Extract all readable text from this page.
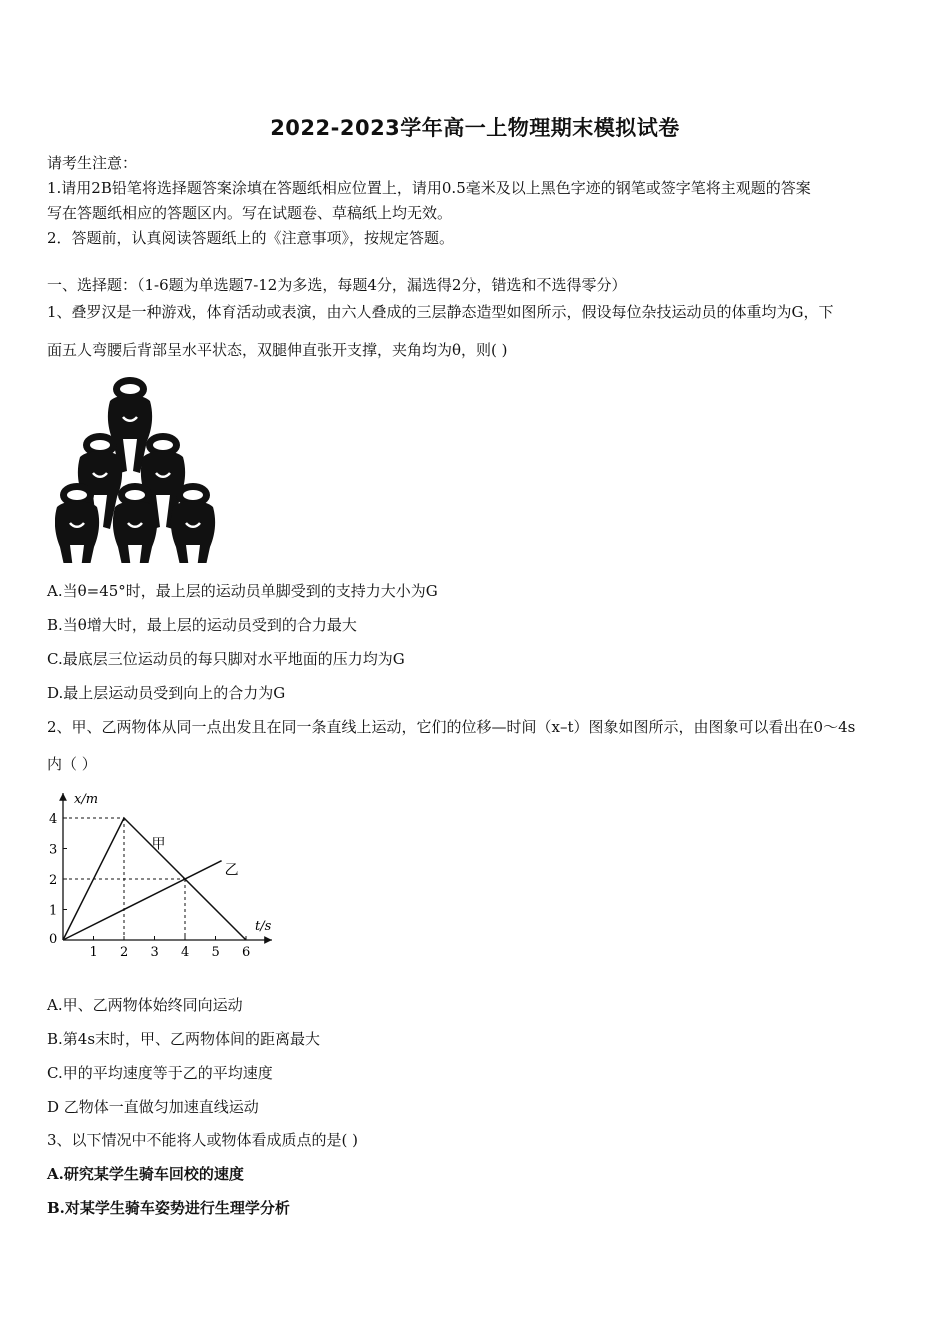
2022-2023学年高一上物理期末模拟试卷
请考生注意：
1.请用2B铅笔将选择题答案涂填在答题纸相应位置上，请用0.5毫米及以上黑色字迹的钢笔或签字笔将主观题的答案
写在答题纸相应的答题区内。写在试题卷、草稿纸上均无效。
2．答题前，认真阅读答题纸上的《注意事项》，按规定答题。
一、选择题：（1-6题为单选题7-12为多选，每题4分，漏选得2分，错选和不选得零分）
1、叠罗汉是一种游戏，体育活动或表演，由六人叠成的三层静态造型如图所示，假设每位杂技运动员的体重均为G，下
面五人弯腰后背部呈水平状态，双腿伸直张开支撑，夹角均为θ，则( )
A.当θ=45°时，最上层的运动员单脚受到的支持力大小为G
B.当θ增大时，最上层的运动员受到的合力最大
C.最底层三位运动员的每只脚对水平地面的压力均为G
D.最上层运动员受到向上的合力为G
2、甲、乙两物体从同一点出发且在同一条直线上运动，它们的位移—时间（x–t）图象如图所示，由图象可以看出在0～4s
内（ ）
x/m
t/s
0
1 2 3 4 5 6
1
2
3
4
甲
乙
A.甲、乙两物体始终同向运动
B.第4s末时，甲、乙两物体间的距离最大
C.甲的平均速度等于乙的平均速度
D 乙物体一直做匀加速直线运动
3、以下情况中不能将人或物体看成质点的是( )
A.研究某学生骑车回校的速度
B.对某学生骑车姿势进行生理学分析
